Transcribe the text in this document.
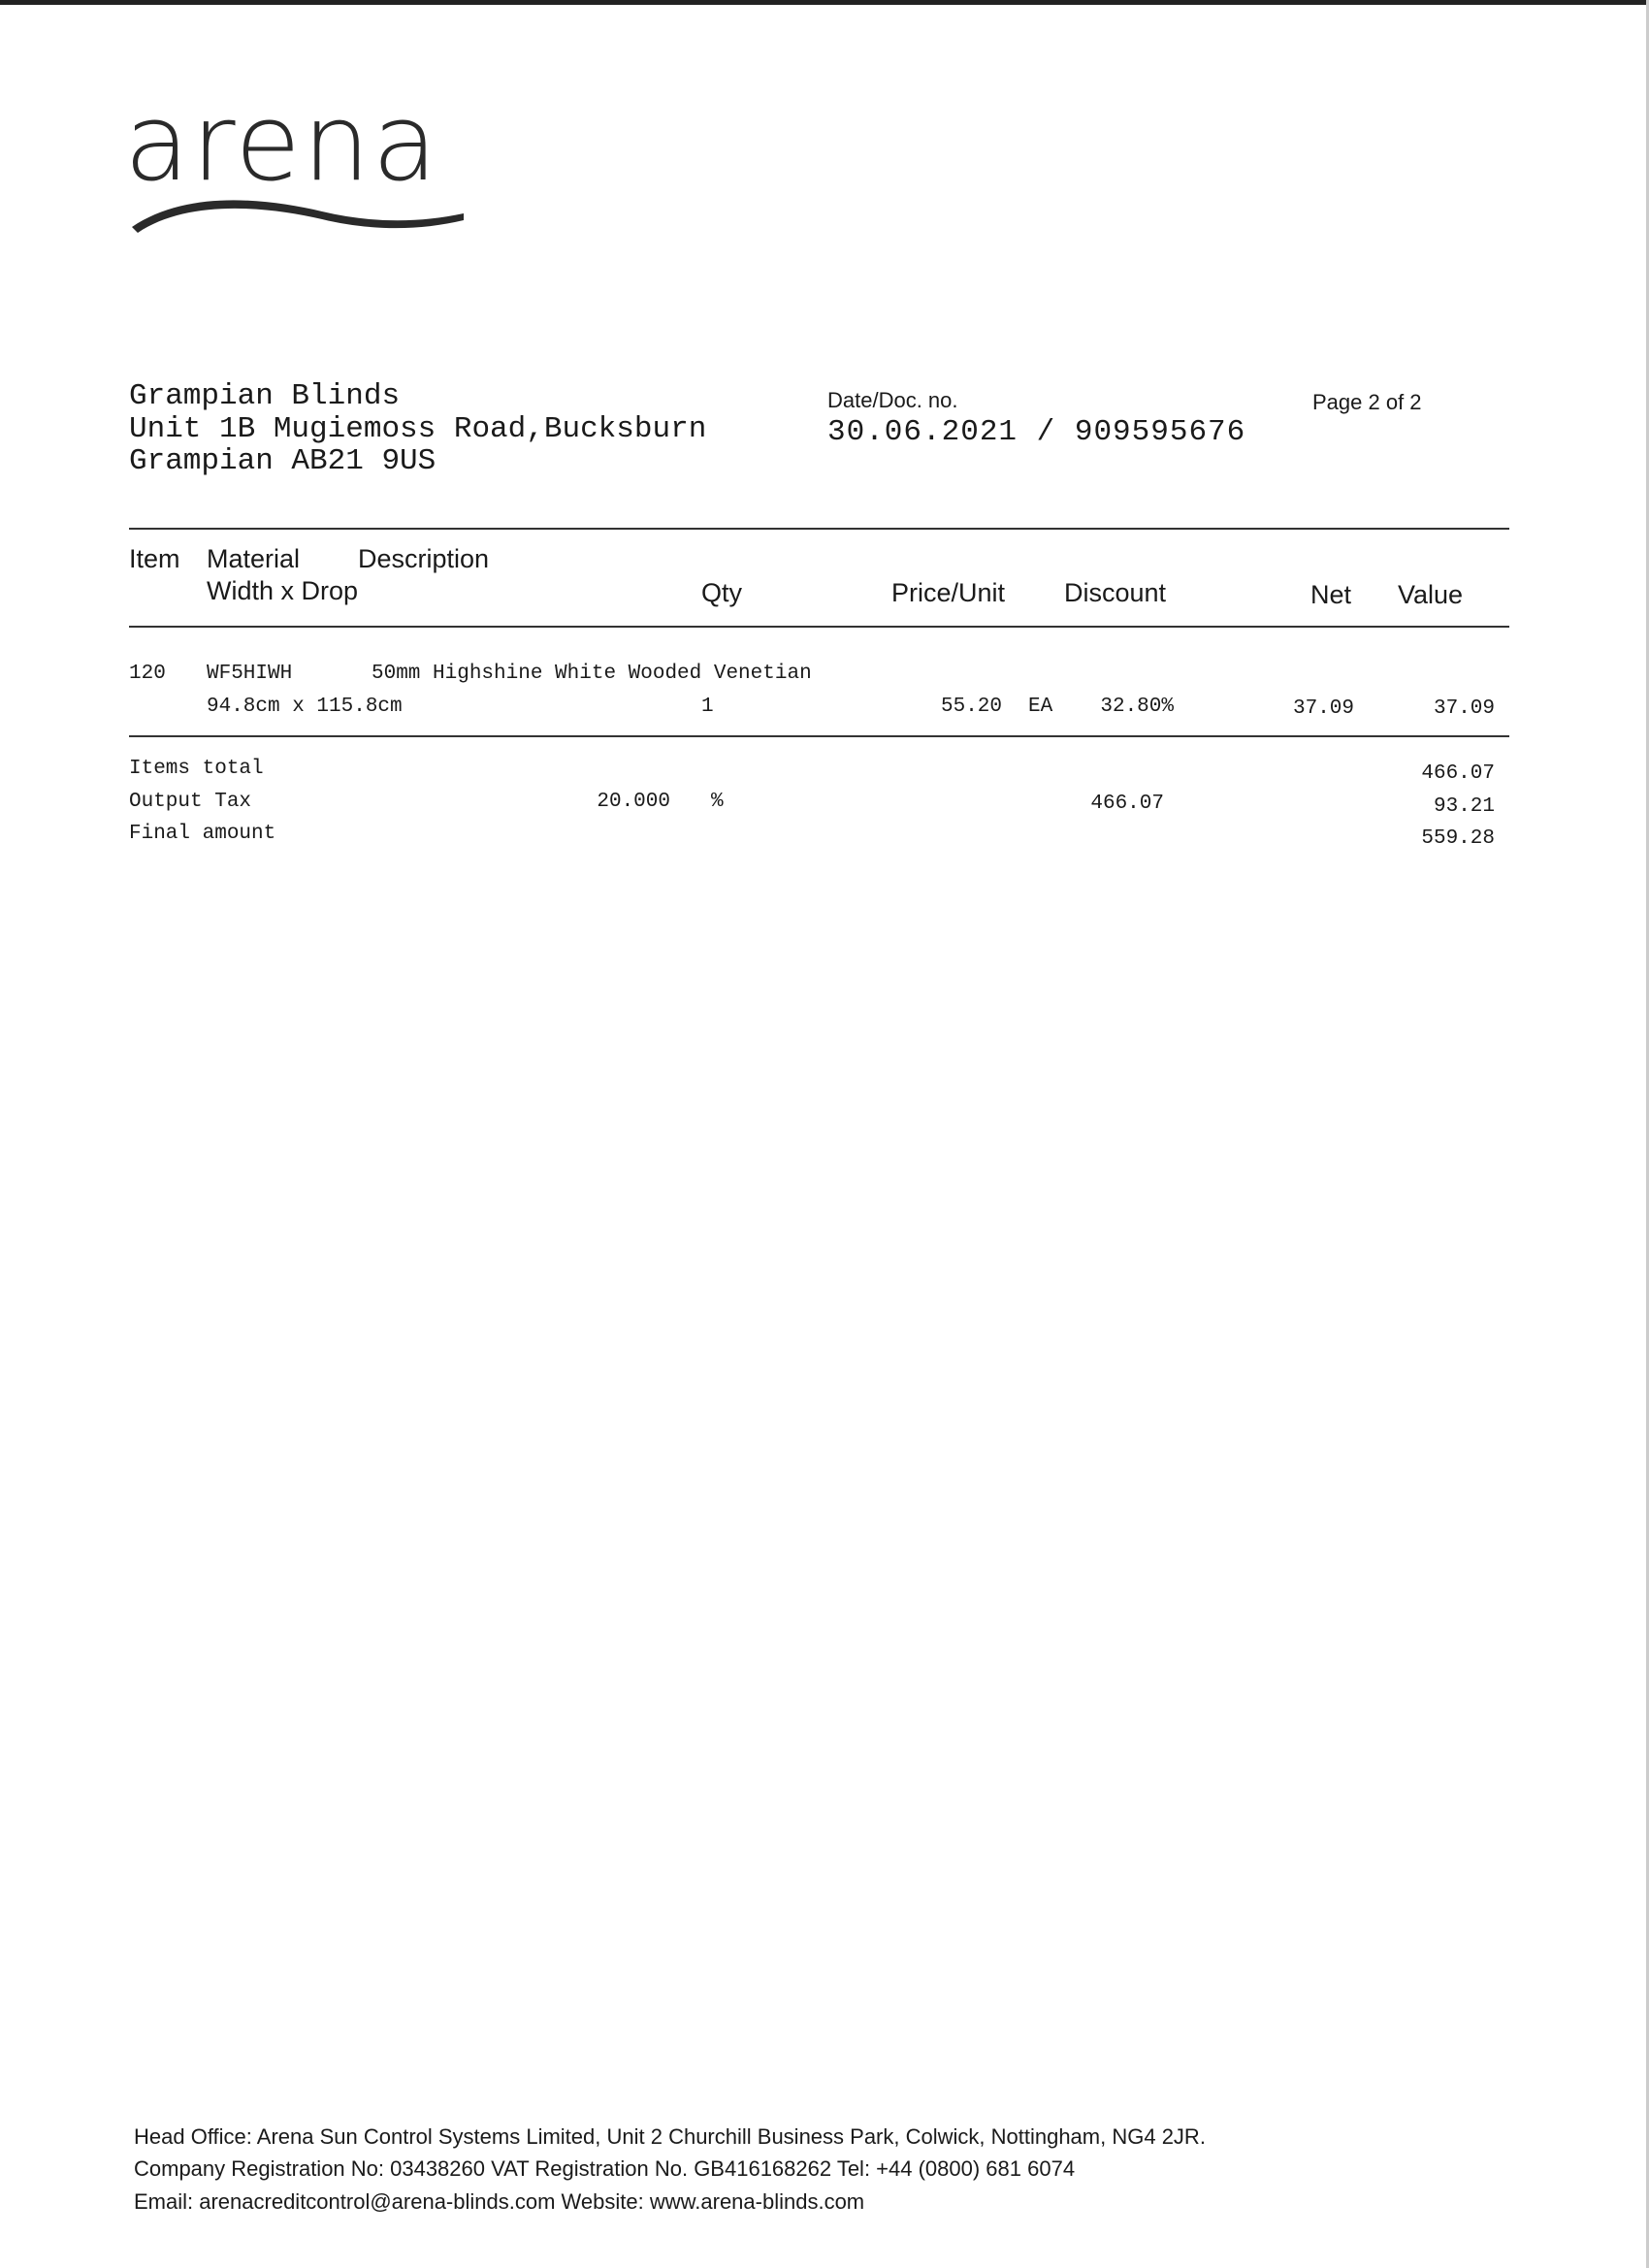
arena
Grampian Blinds
Unit 1B Mugiemoss Road,Bucksburn
Grampian AB21 9US
Date/Doc. no.
30.06.2021 / 909595676
Page 2 of 2
Item Material Description
Width x Drop	Qty	Price/Unit Discount	Net Value
120 WF5HIWH	50mm Highshine White Wooded Venetian
94.8cm x 115.8cm	1	55.20 EA	32.80%	37.09	37.09
Items total	466.07
Output Tax	20.000 %	466.07	93.21
Final amount	559.28
Head Office: Arena Sun Control Systems Limited, Unit 2 Churchill Business Park, Colwick, Nottingham, NG4 2JR.
Company Registration No: 03438260 VAT Registration No. GB416168262 Tel: +44 (0800) 681 6074
Email: arenacreditcontrol@arena-blinds.com Website: www.arena-blinds.com
